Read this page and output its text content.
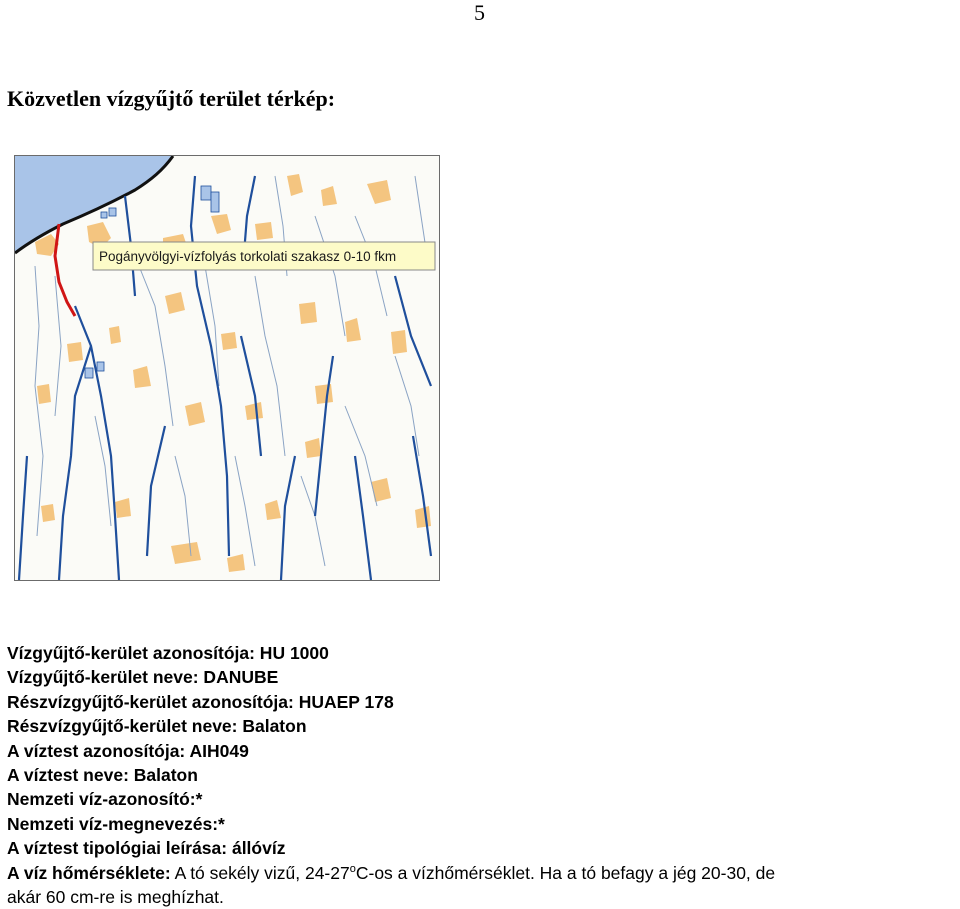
5
Közvetlen vízgyűjtő terület térkép:
Pogányvölgyi-vízfolyás torkolati szakasz 0-10 fkm
Vízgyűjtő-kerület azonosítója: HU 1000
Vízgyűjtő-kerület neve: DANUBE
Részvízgyűjtő-kerület azonosítója: HUAEP 178
Részvízgyűjtő-kerület neve: Balaton
A víztest azonosítója: AIH049
A víztest neve: Balaton
Nemzeti víz-azonosító:*
Nemzeti víz-megnevezés:*
A víztest tipológiai leírása: állóvíz
A víz hőmérséklete: A tó sekély vizű, 24-27$^o$C-os a vízhőmérséklet. Ha a tó befagy a jég 20-30, de
akár 60 cm-re is meghízhat.
